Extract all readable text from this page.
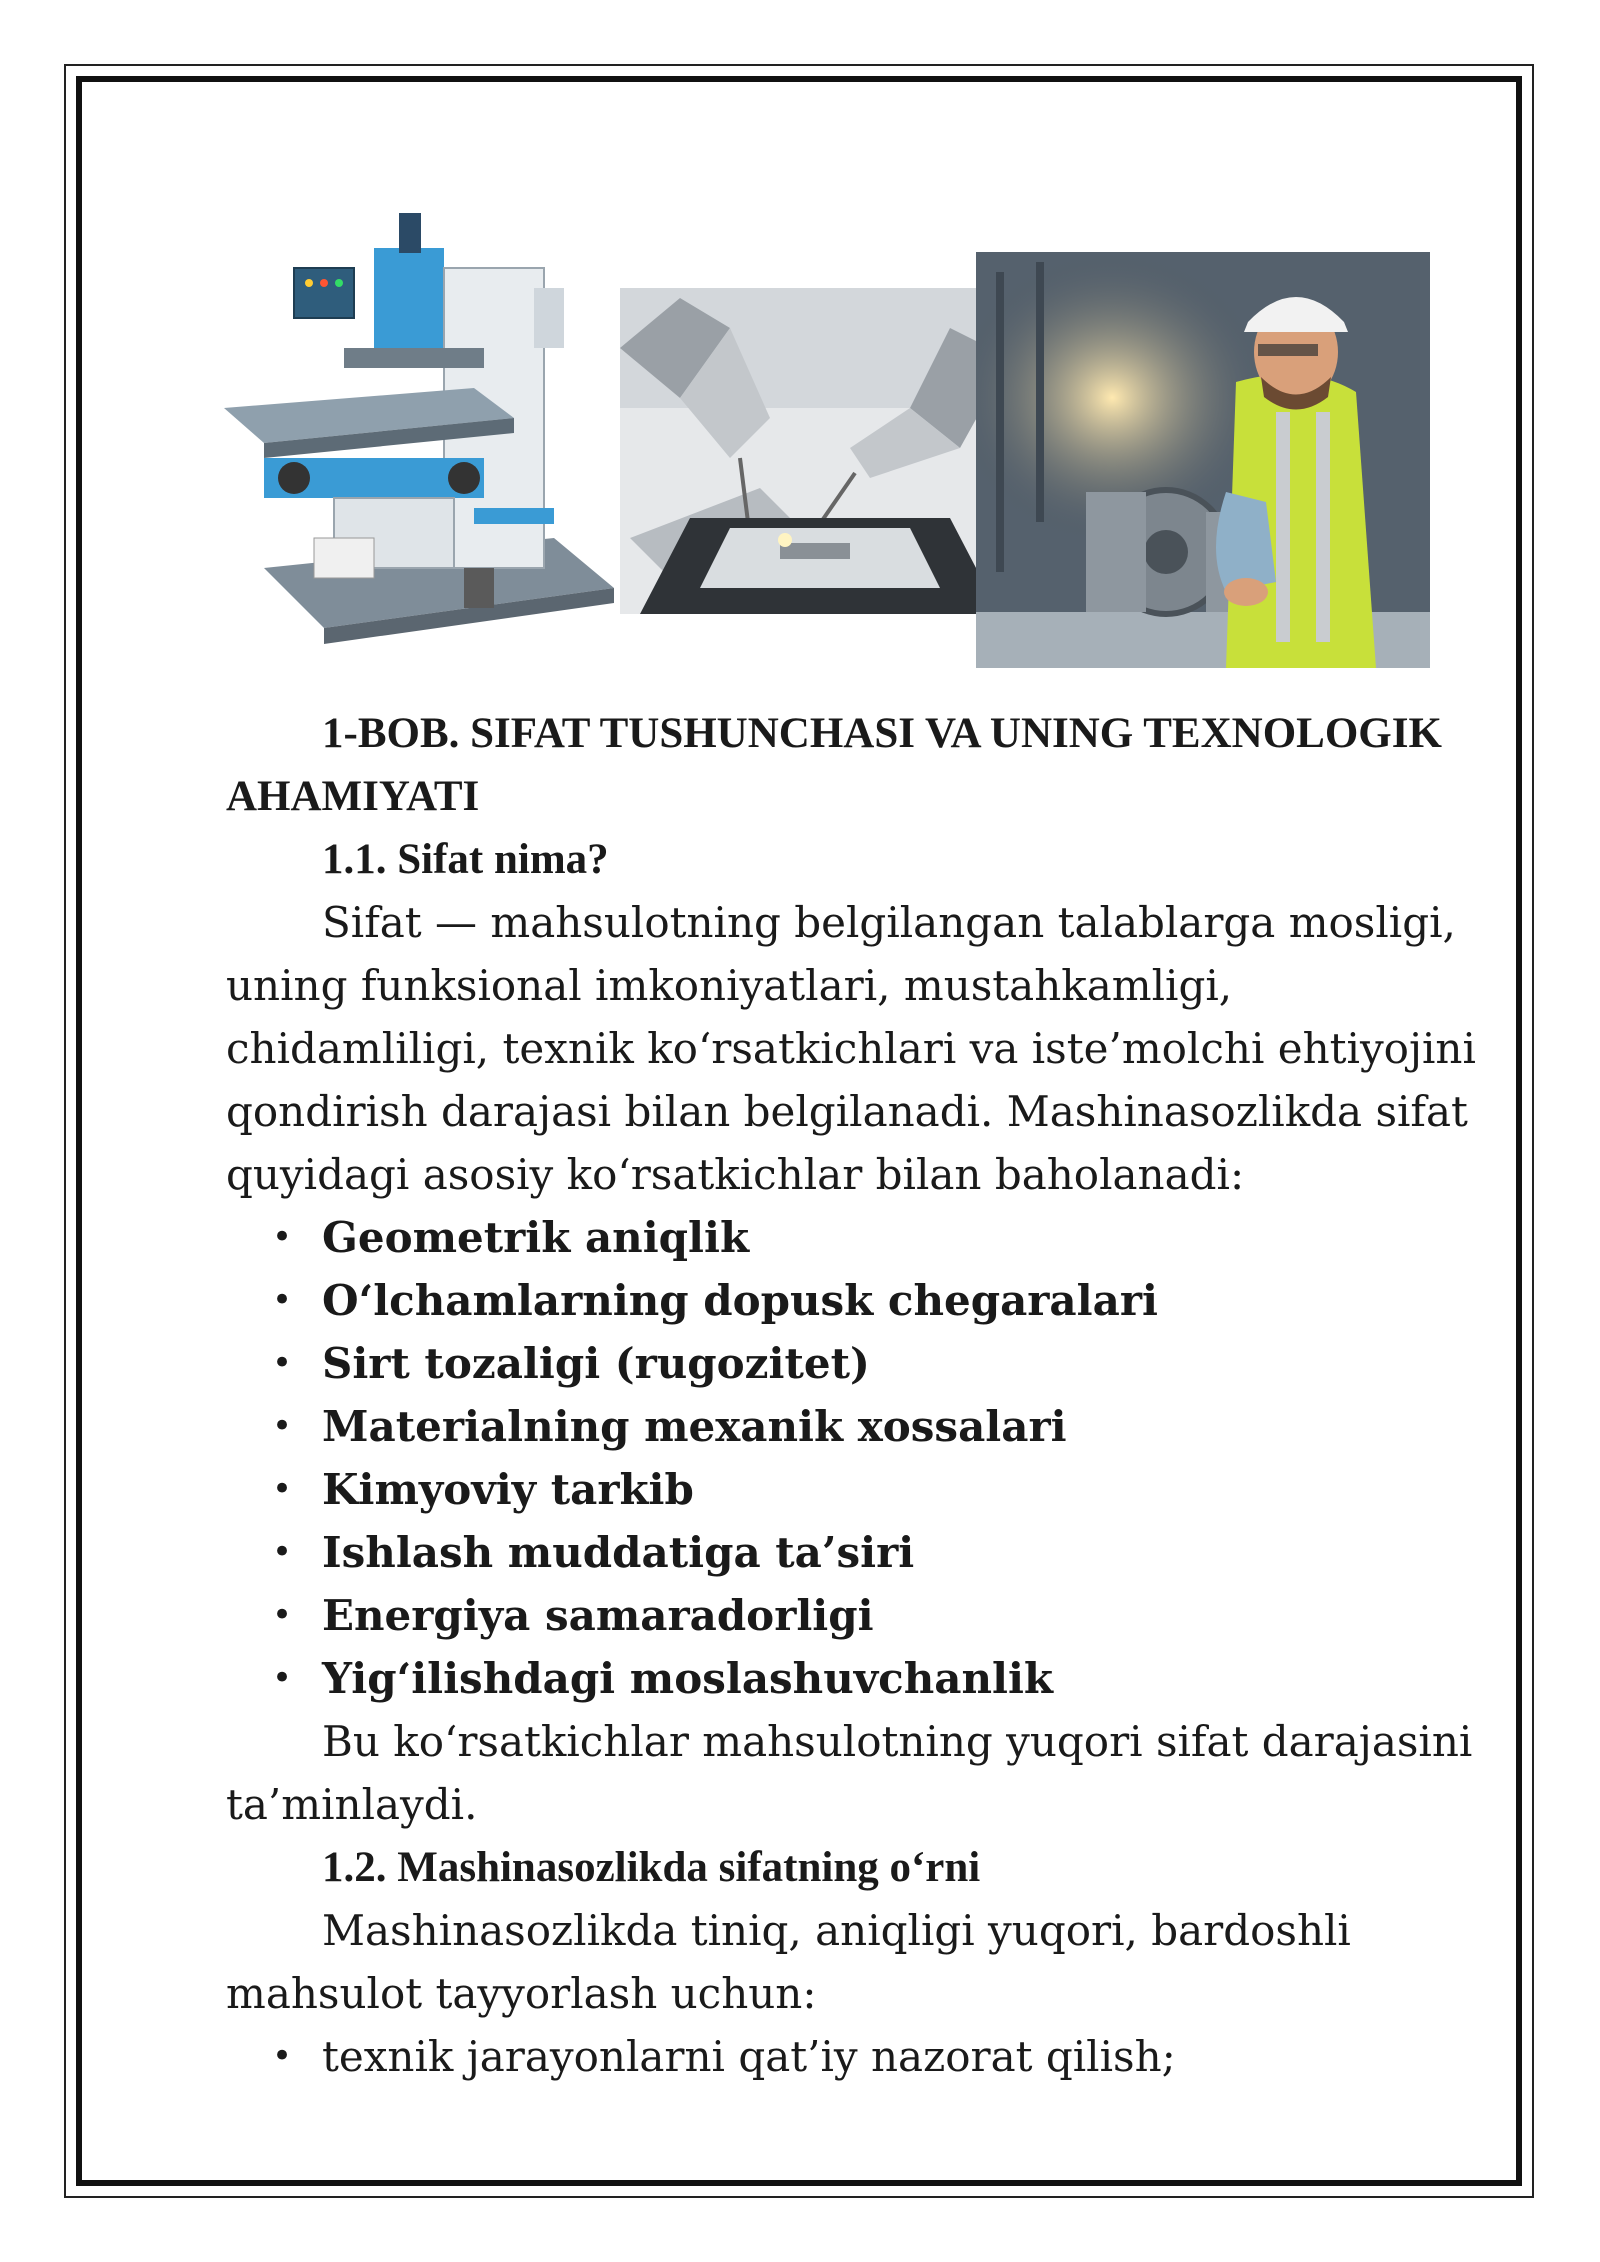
1-BOB. SIFAT TUSHUNCHASI VA UNING TEXNOLOGIK AHAMIYATI

1.1. Sifat nima?

Sifat — mahsulotning belgilangan talablarga mosligi, uning funksional imkoniyatlari, mustahkamligi, chidamliligi, texnik ko‘rsatkichlari va iste’molchi ehtiyojini qondirish darajasi bilan belgilanadi. Mashinasozlikda sifat quyidagi asosiy ko‘rsatkichlar bilan baholanadi:

• Geometrik aniqlik
• O‘lchamlarning dopusk chegaralari
• Sirt tozaligi (rugozitet)
• Materialning mexanik xossalari
• Kimyoviy tarkib
• Ishlash muddatiga ta’siri
• Energiya samaradorligi
• Yig‘ilishdagi moslashuvchanlik

Bu ko‘rsatkichlar mahsulotning yuqori sifat darajasini ta’minlaydi.

1.2. Mashinasozlikda sifatning o‘rni

Mashinasozlikda tiniq, aniqligi yuqori, bardoshli mahsulot tayyorlash uchun:

• texnik jarayonlarni qat’iy nazorat qilish;
